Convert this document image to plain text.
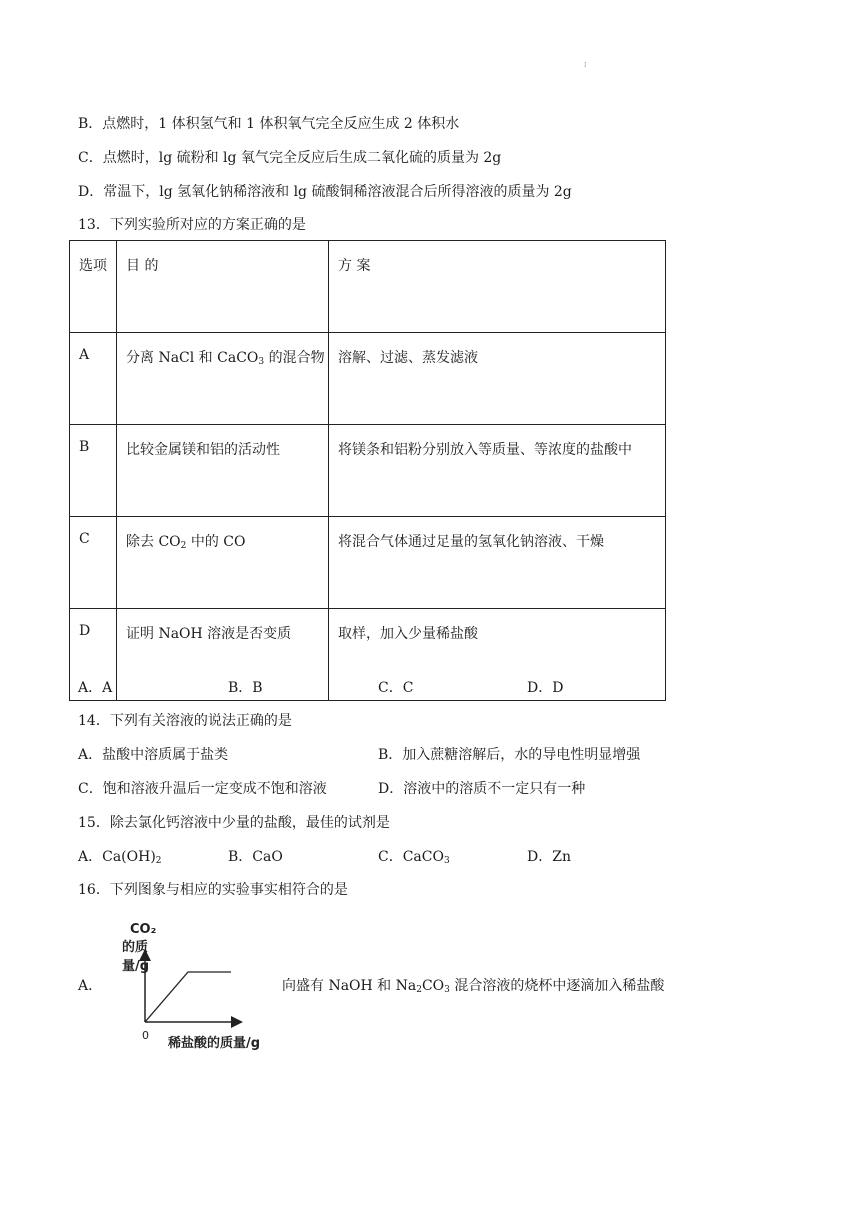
I
B．点燃时，1 体积氢气和 1 体积氧气完全反应生成 2 体积水
C．点燃时，lg 硫粉和 lg 氧气完全反应后生成二氧化硫的质量为 2g
D．常温下，lg 氢氧化钠稀溶液和 lg 硫酸铜稀溶液混合后所得溶液的质量为 2g
13．下列实验所对应的方案正确的是
选项	目 的	方 案
A	分离 NaCl 和 CaCO$_3$ 的混合物	溶解、过滤、蒸发滤液
B	比较金属镁和铝的活动性	将镁条和铝粉分别放入等质量、等浓度的盐酸中
C	除去 $CO_2$ 中的 CO	将混合气体通过足量的氢氧化钠溶液、干燥
D	证明 NaOH 溶液是否变质	取样，加入少量稀盐酸
A．A	B．B	C．C	D．D
14．下列有关溶液的说法正确的是
A．盐酸中溶质属于盐类	B．加入蔗糖溶解后，水的导电性明显增强
C．饱和溶液升温后一定变成不饱和溶液	D．溶液中的溶质不一定只有一种
15．除去氯化钙溶液中少量的盐酸，最佳的试剂是
A．$Ca(OH)_2$	B．CaO	C．CaCO$_3$	D．Zn
16．下列图象与相应的实验事实相符合的是
A．	向盛有 NaOH 和 $Na_2CO_3$ 混合溶液的烧杯中逐滴加入稀盐酸
CO₂
的质
量/g
0
稀盐酸的质量/g
